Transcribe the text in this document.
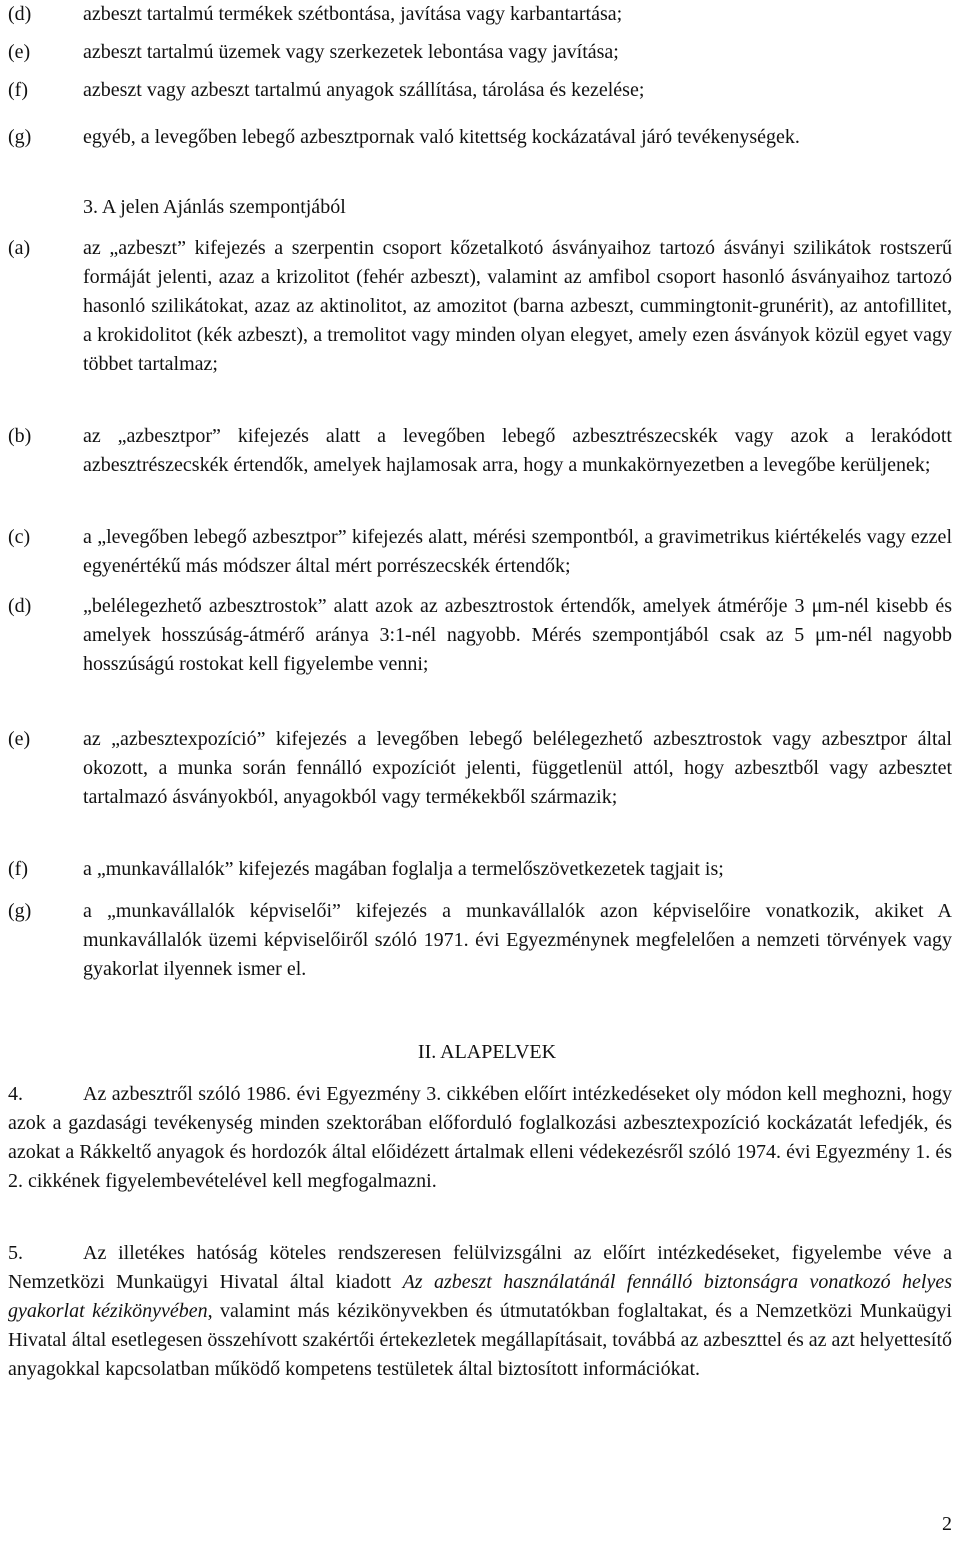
(d)	azbeszt tartalmú termékek szétbontása, javítása vagy karbantartása;
(e)	azbeszt tartalmú üzemek vagy szerkezetek lebontása vagy javítása;
(f)	azbeszt vagy azbeszt tartalmú anyagok szállítása, tárolása és kezelése;
(g)	egyéb, a levegőben lebegő azbesztpornak való kitettség kockázatával járó tevékenységek.
3. A jelen Ajánlás szempontjából
(a)	az „azbeszt” kifejezés a szerpentin csoport kőzetalkotó ásványaihoz tartozó ásványi szilikátok rostszerű formáját jelenti, azaz a krizolitot (fehér azbeszt), valamint az amfibol csoport hasonló ásványaihoz tartozó hasonló szilikátokat, azaz az aktinolitot, az amozitot (barna azbeszt, cummingtonit-grunérit), az antofillitet, a krokidolitot (kék azbeszt), a tremolitot vagy minden olyan elegyet, amely ezen ásványok közül egyet vagy többet tartalmaz;
(b)	az „azbesztpor” kifejezés alatt a levegőben lebegő azbesztrészecskék vagy azok a lerakódott azbesztrészecskék értendők, amelyek hajlamosak arra, hogy a munkakörnyezetben a levegőbe kerüljenek;
(c)	a „levegőben lebegő azbesztpor” kifejezés alatt, mérési szempontból, a gravimetrikus kiértékelés vagy ezzel egyenértékű más módszer által mért porrészecskék értendők;
(d)	„belélegezhető azbesztrostok” alatt azok az azbesztrostok értendők, amelyek átmérője 3 μm-nél kisebb és amelyek hosszúság-átmérő aránya 3:1-nél nagyobb. Mérés szempontjából csak az 5 μm-nél nagyobb hosszúságú rostokat kell figyelembe venni;
(e)	az „azbesztexpozíció” kifejezés a levegőben lebegő belélegezhető azbesztrostok vagy azbesztpor által okozott, a munka során fennálló expozíciót jelenti, függetlenül attól, hogy azbesztből vagy azbesztet tartalmazó ásványokból, anyagokból vagy termékekből származik;
(f)	a „munkavállalók” kifejezés magában foglalja a termelőszövetkezetek tagjait is;
(g)	a „munkavállalók képviselői” kifejezés a munkavállalók azon képviselőire vonatkozik, akiket A munkavállalók üzemi képviselőiről szóló 1971. évi Egyezménynek megfelelően a nemzeti törvények vagy gyakorlat ilyennek ismer el.
II. ALAPELVEK
4.	Az azbesztről szóló 1986. évi Egyezmény 3. cikkében előírt intézkedéseket oly módon kell meghozni, hogy azok a gazdasági tevékenység minden szektorában előforduló foglalkozási azbesztexpozíció kockázatát lefedjék, és azokat a Rákkeltő anyagok és hordozók által előidézett ártalmak elleni védekezésről szóló 1974. évi Egyezmény 1. és 2. cikkének figyelembevételével kell megfogalmazni.
5.	Az illetékes hatóság köteles rendszeresen felülvizsgálni az előírt intézkedéseket, figyelembe véve a Nemzetközi Munkaügyi Hivatal által kiadott Az azbeszt használatánál fennálló biztonságra vonatkozó helyes gyakorlat kézikönyvében, valamint más kézikönyvekben és útmutatókban foglaltakat, és a Nemzetközi Munkaügyi Hivatal által esetlegesen összehívott szakértői értekezletek megállapításait, továbbá az azbeszttel és az azt helyettesítő anyagokkal kapcsolatban működő kompetens testületek által biztosított információkat.
2
